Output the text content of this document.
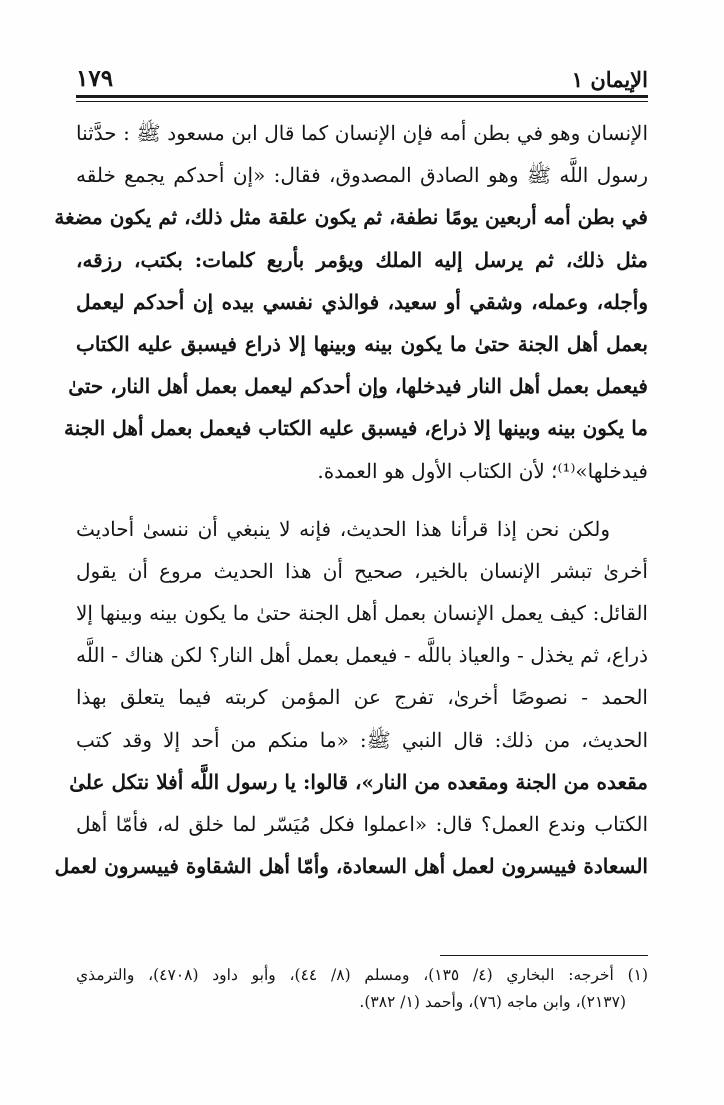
١٧٩	الإيمان ١
الإنسان وهو في بطن أمه فإن الإنسان كما قال ابن مسعود ﷺ : حدَّثنا
رسول اللَّه ﷺ وهو الصادق المصدوق، فقال: «إن أحدكم يجمع خلقه
في بطن أمه أربعين يومًا نطفة، ثم يكون علقة مثل ذلك، ثم يكون مضغة
مثل ذلك، ثم يرسل إليه الملك ويؤمر بأربع كلمات: بكتب، رزقه،
وأجله، وعمله، وشقي أو سعيد، فوالذي نفسي بيده إن أحدكم ليعمل
بعمل أهل الجنة حتىٰ ما يكون بينه وبينها إلا ذراع فيسبق عليه الكتاب
فيعمل بعمل أهل النار فيدخلها، وإن أحدكم ليعمل بعمل أهل النار، حتىٰ
ما يكون بينه وبينها إلا ذراع، فيسبق عليه الكتاب فيعمل بعمل أهل الجنة
فيدخلها»⁽¹⁾؛ لأن الكتاب الأول هو العمدة.
ولكن نحن إذا قرأنا هذا الحديث، فإنه لا ينبغي أن ننسىٰ أحاديث
أخرىٰ تبشر الإنسان بالخير، صحيح أن هذا الحديث مروع أن يقول
القائل: كيف يعمل الإنسان بعمل أهل الجنة حتىٰ ما يكون بينه وبينها إلا
ذراع، ثم يخذل - والعياذ باللَّه - فيعمل بعمل أهل النار؟ لكن هناك - اللَّه
الحمد - نصوصًا أخرىٰ، تفرج عن المؤمن كربته فيما يتعلق بهذا
الحديث، من ذلك: قال النبي ﷺ: «ما منكم من أحد إلا وقد كتب
مقعده من الجنة ومقعده من النار»، قالوا: يا رسول اللَّه أفلا نتكل علىٰ
الكتاب وندع العمل؟ قال: «اعملوا فكل مُيَسّر لما خلق له، فأمّا أهل
السعادة فييسرون لعمل أهل السعادة، وأمّا أهل الشقاوة فييسرون لعمل
(١) أخرجه: البخاري (٤/ ١٣٥)، ومسلم (٨/ ٤٤)، وأبو داود (٤٧٠٨)، والترمذي
(٢١٣٧)، وابن ماجه (٧٦)، وأحمد (١/ ٣٨٢).
